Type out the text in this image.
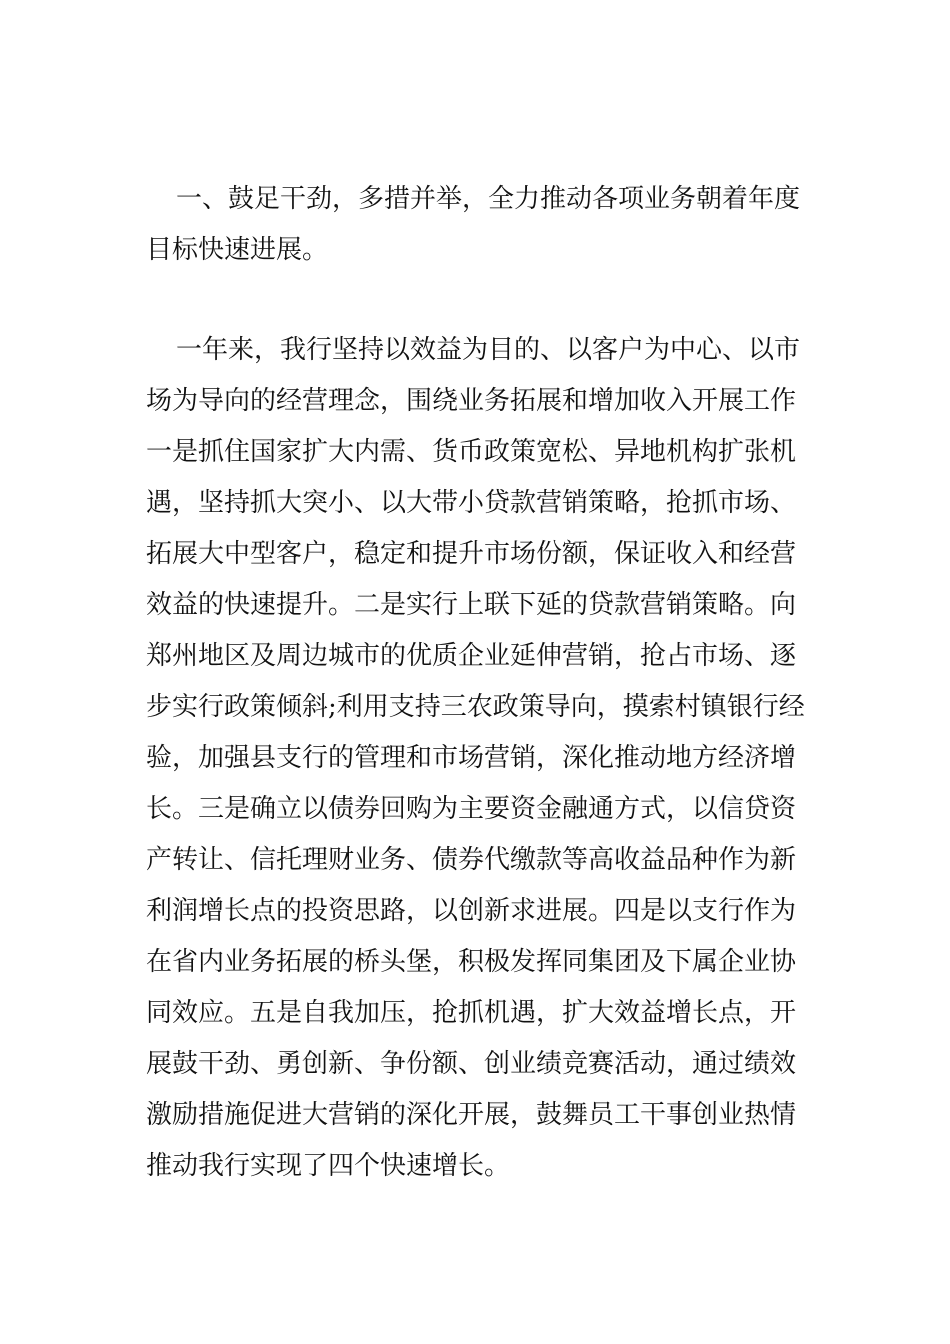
一、鼓足干劲，多措并举，全力推动各项业务朝着年度目标快速进展。

一年来，我行坚持以效益为目的、以客户为中心、以市场为导向的经营理念，围绕业务拓展和增加收入开展工作一是抓住国家扩大内需、货币政策宽松、异地机构扩张机遇，坚持抓大突小、以大带小贷款营销策略，抢抓市场、拓展大中型客户，稳定和提升市场份额，保证收入和经营效益的快速提升。二是实行上联下延的贷款营销策略。向郑州地区及周边城市的优质企业延伸营销，抢占市场、逐步实行政策倾斜;利用支持三农政策导向，摸索村镇银行经验，加强县支行的管理和市场营销，深化推动地方经济增长。三是确立以债券回购为主要资金融通方式，以信贷资产转让、信托理财业务、债券代缴款等高收益品种作为新利润增长点的投资思路，以创新求进展。四是以支行作为在省内业务拓展的桥头堡，积极发挥同集团及下属企业协同效应。五是自我加压，抢抓机遇，扩大效益增长点，开展鼓干劲、勇创新、争份额、创业绩竞赛活动，通过绩效激励措施促进大营销的深化开展，鼓舞员工干事创业热情推动我行实现了四个快速增长。
